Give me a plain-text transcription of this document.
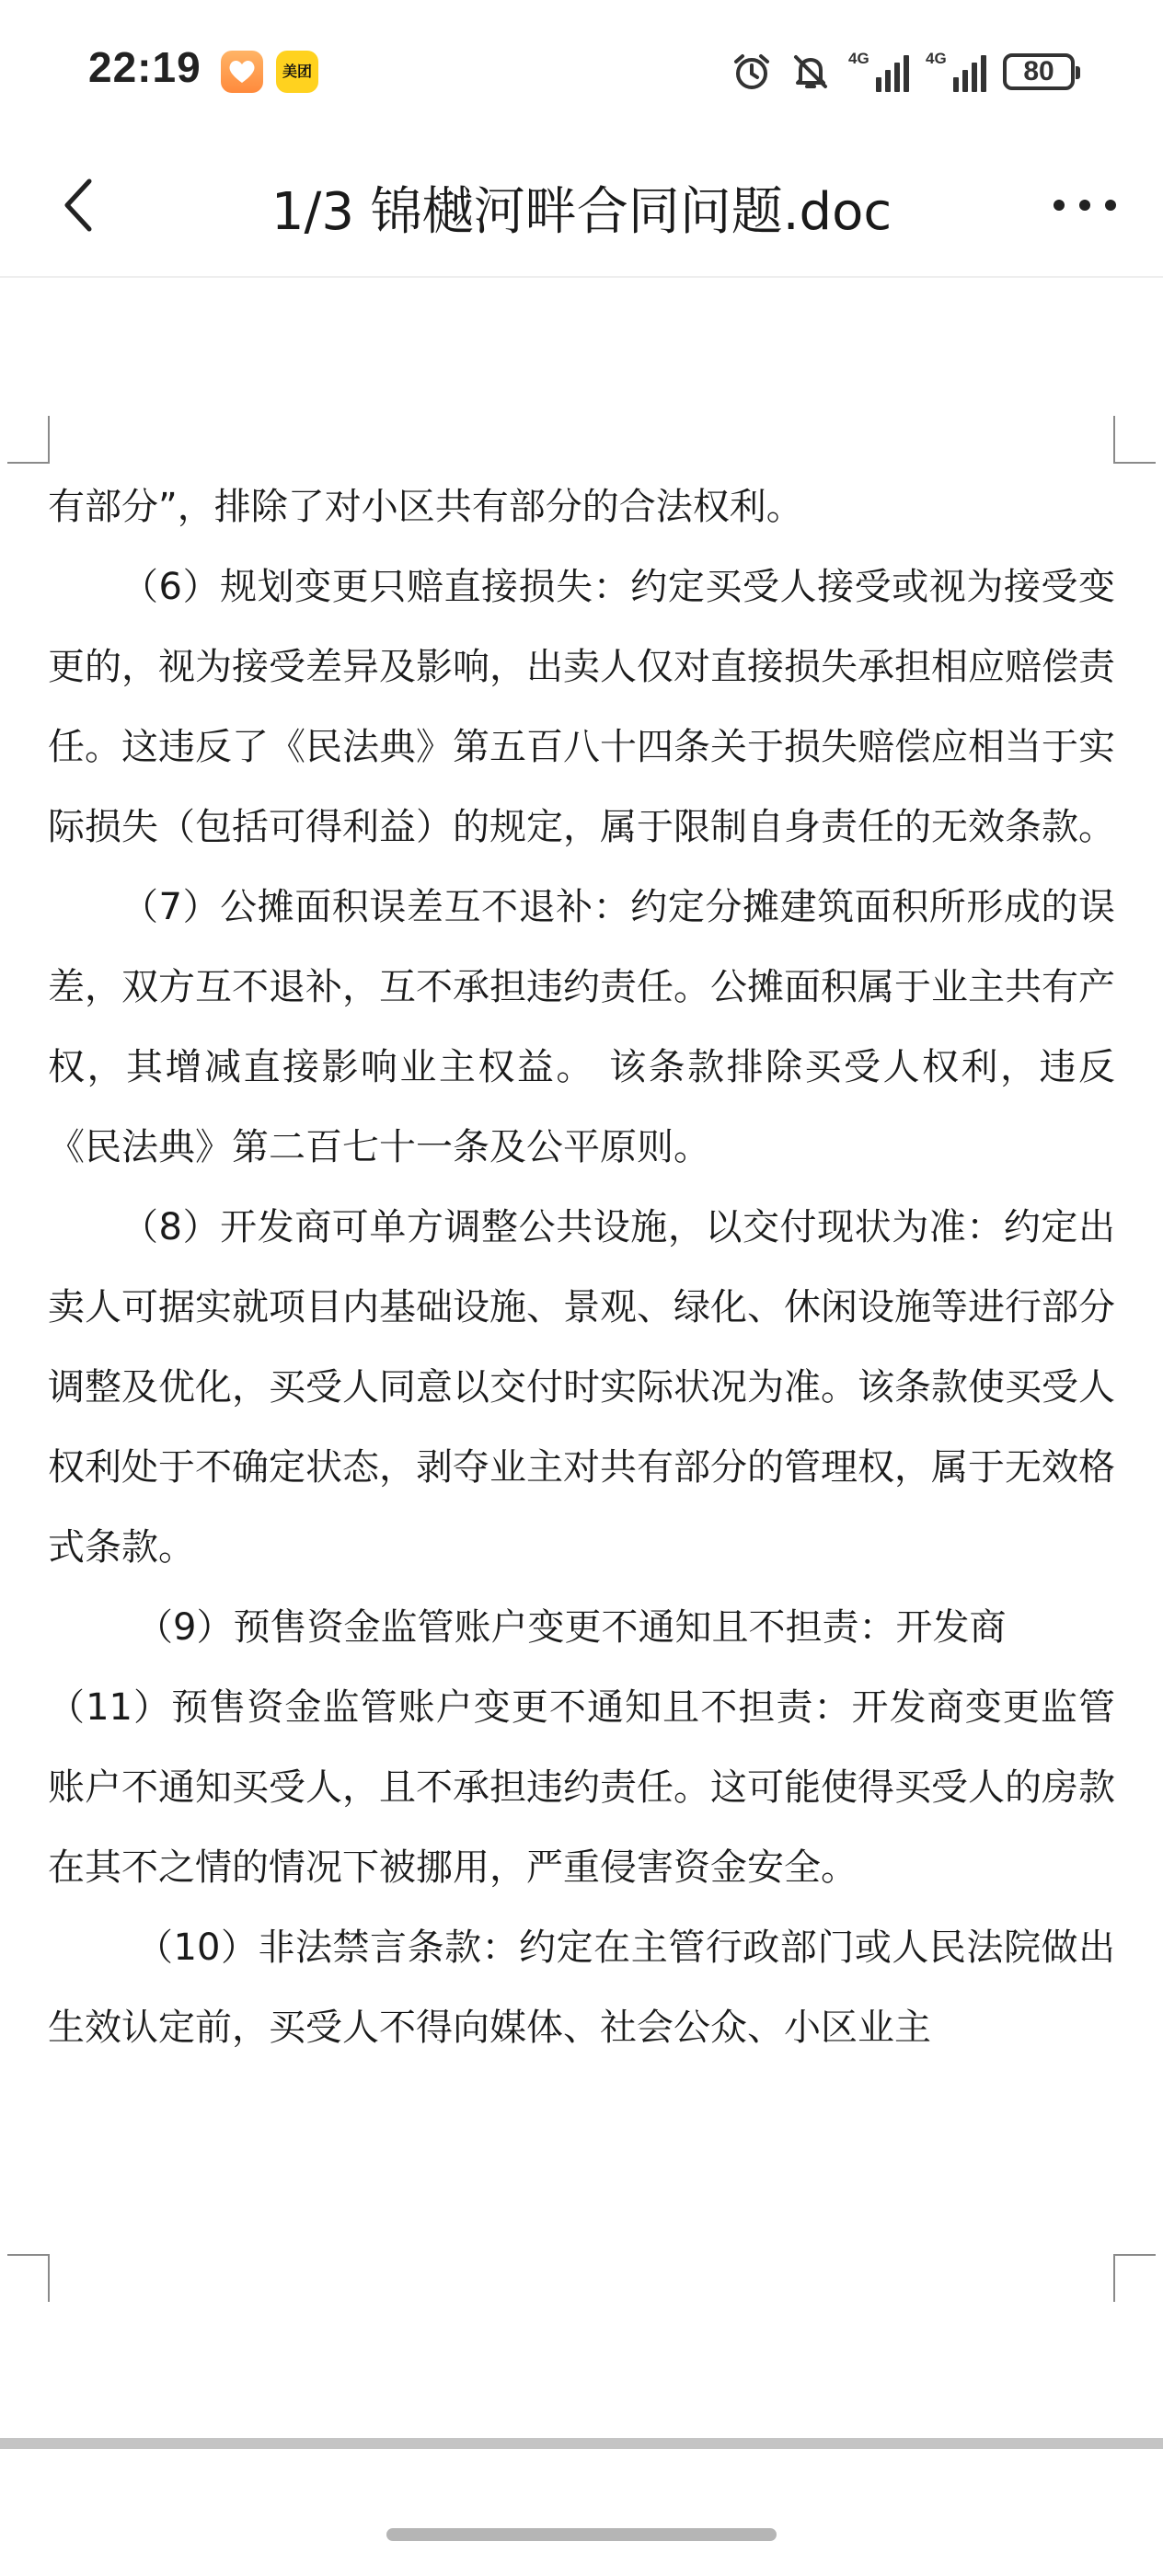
22:19	美团
4G	4G	80
1/3 锦樾河畔合同问题.doc

有部分”，排除了对小区共有部分的合法权利。

（6）规划变更只赔直接损失：约定买受人接受或视为接受变更的，视为接受差异及影响，出卖人仅对直接损失承担相应赔偿责任。这违反了《民法典》第五百八十四条关于损失赔偿应相当于实际损失（包括可得利益）的规定，属于限制自身责任的无效条款。

（7）公摊面积误差互不退补：约定分摊建筑面积所形成的误差，双方互不退补，互不承担违约责任。公摊面积属于业主共有产权，其增减直接影响业主权益。 该条款排除买受人权利，违反《民法典》第二百七十一条及公平原则。

（8）开发商可单方调整公共设施，以交付现状为准：约定出卖人可据实就项目内基础设施、景观、绿化、休闲设施等进行部分调整及优化，买受人同意以交付时实际状况为准。该条款使买受人权利处于不确定状态，剥夺业主对共有部分的管理权，属于无效格式条款。

（9）预售资金监管账户变更不通知且不担责：开发商

（11）预售资金监管账户变更不通知且不担责：开发商变更监管账户不通知买受人，且不承担违约责任。这可能使得买受人的房款在其不之情的情况下被挪用，严重侵害资金安全。

（10）非法禁言条款：约定在主管行政部门或人民法院做出生效认定前，买受人不得向媒体、社会公众、小区业主
